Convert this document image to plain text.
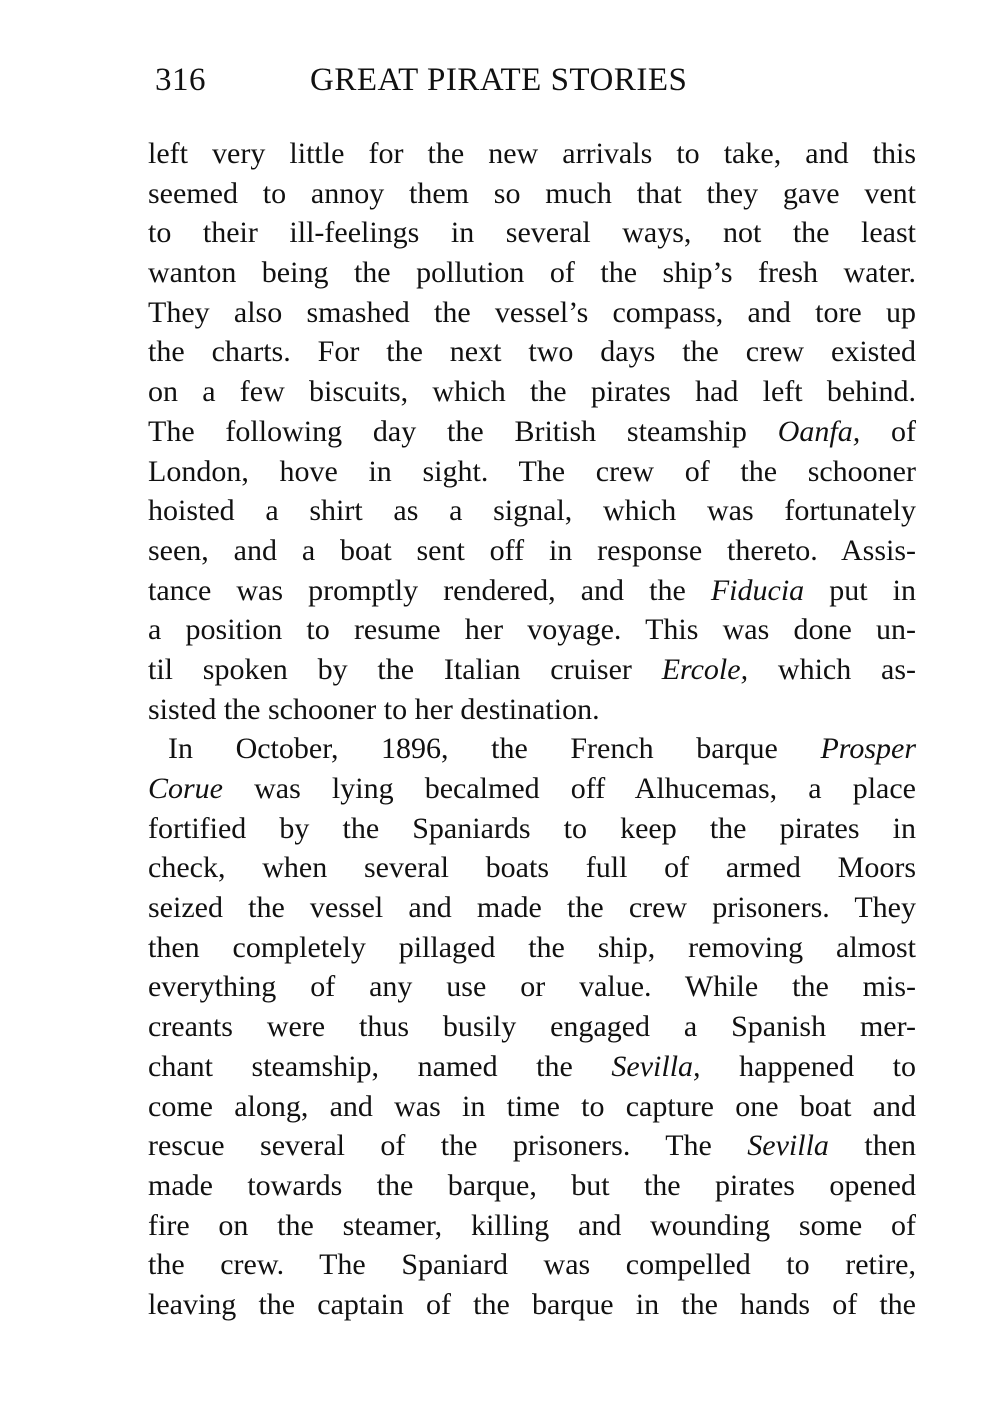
316	GREAT PIRATE STORIES
left very little for the new arrivals to take, and this
seemed to annoy them so much that they gave vent
to their ill-feelings in several ways, not the least
wanton being the pollution of the ship’s fresh water.
They also smashed the vessel’s compass, and tore up
the charts. For the next two days the crew existed
on a few biscuits, which the pirates had left behind.
The following day the British steamship Oanfa, of
London, hove in sight. The crew of the schooner
hoisted a shirt as a signal, which was fortunately
seen, and a boat sent off in response thereto. Assis-
tance was promptly rendered, and the Fiducia put in
a position to resume her voyage. This was done un-
til spoken by the Italian cruiser Ercole, which as-
sisted the schooner to her destination.
In October, 1896, the French barque Prosper
Corue was lying becalmed off Alhucemas, a place
fortified by the Spaniards to keep the pirates in
check, when several boats full of armed Moors
seized the vessel and made the crew prisoners. They
then completely pillaged the ship, removing almost
everything of any use or value. While the mis-
creants were thus busily engaged a Spanish mer-
chant steamship, named the Sevilla, happened to
come along, and was in time to capture one boat and
rescue several of the prisoners. The Sevilla then
made towards the barque, but the pirates opened
fire on the steamer, killing and wounding some of
the crew. The Spaniard was compelled to retire,
leaving the captain of the barque in the hands of the
